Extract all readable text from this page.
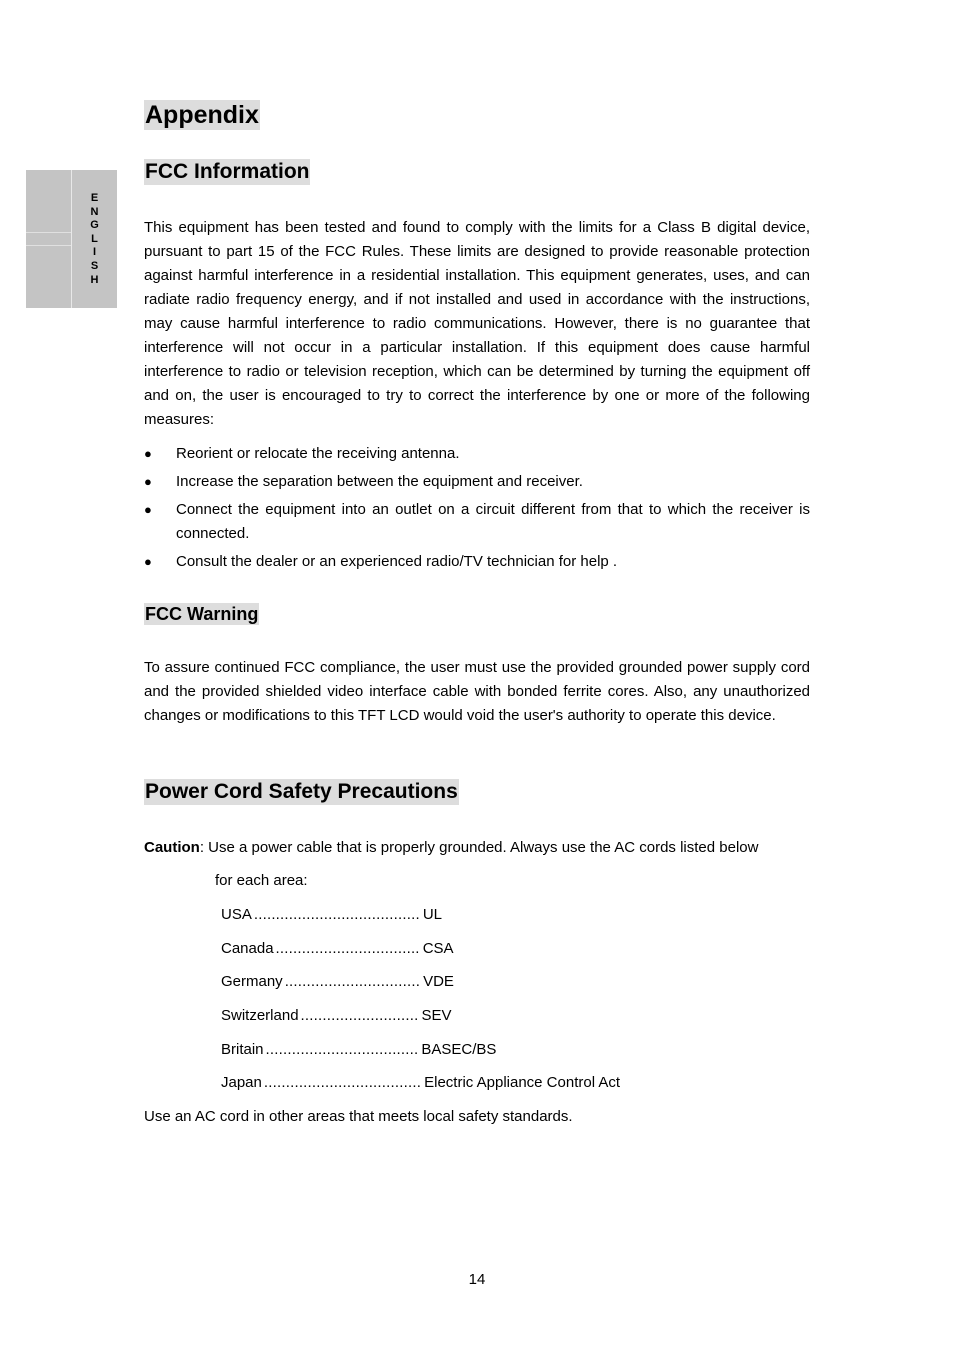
E
N
G
L
I
S
H
Appendix
FCC Information

This equipment has been tested and found to comply with the limits for a Class B digital device, pursuant to part 15 of the FCC Rules. These limits are designed to provide reasonable protection against harmful interference in a residential installation. This equipment generates, uses, and can radiate radio frequency energy, and if not installed and used in accordance with the instructions, may cause harmful interference to radio communications. However, there is no guarantee that interference will not occur in a particular installation. If this equipment does cause harmful interference to radio or television reception, which can be determined by turning the equipment off and on, the user is encouraged to try to correct the interference by one or more of the following measures:

● Reorient or relocate the receiving antenna.
● Increase the separation between the equipment and receiver.
● Connect the equipment into an outlet on a circuit different from that to which the receiver is connected.
● Consult the dealer or an experienced radio/TV technician for help .
FCC Warning

To assure continued FCC compliance, the user must use the provided grounded power supply cord and the provided shielded video interface cable with bonded ferrite cores. Also, any unauthorized changes or modifications to this TFT LCD would void the user's authority to operate this device.

Power Cord Safety Precautions
Caution: Use a power cable that is properly grounded. Always use the AC cords listed below
for each area:
USA ...................................... UL
Canada ................................. CSA
Germany ............................... VDE
Switzerland ........................... SEV
Britain ................................... BASEC/BS
Japan .................................... Electric Appliance Control Act
Use an AC cord in other areas that meets local safety standards.
14
